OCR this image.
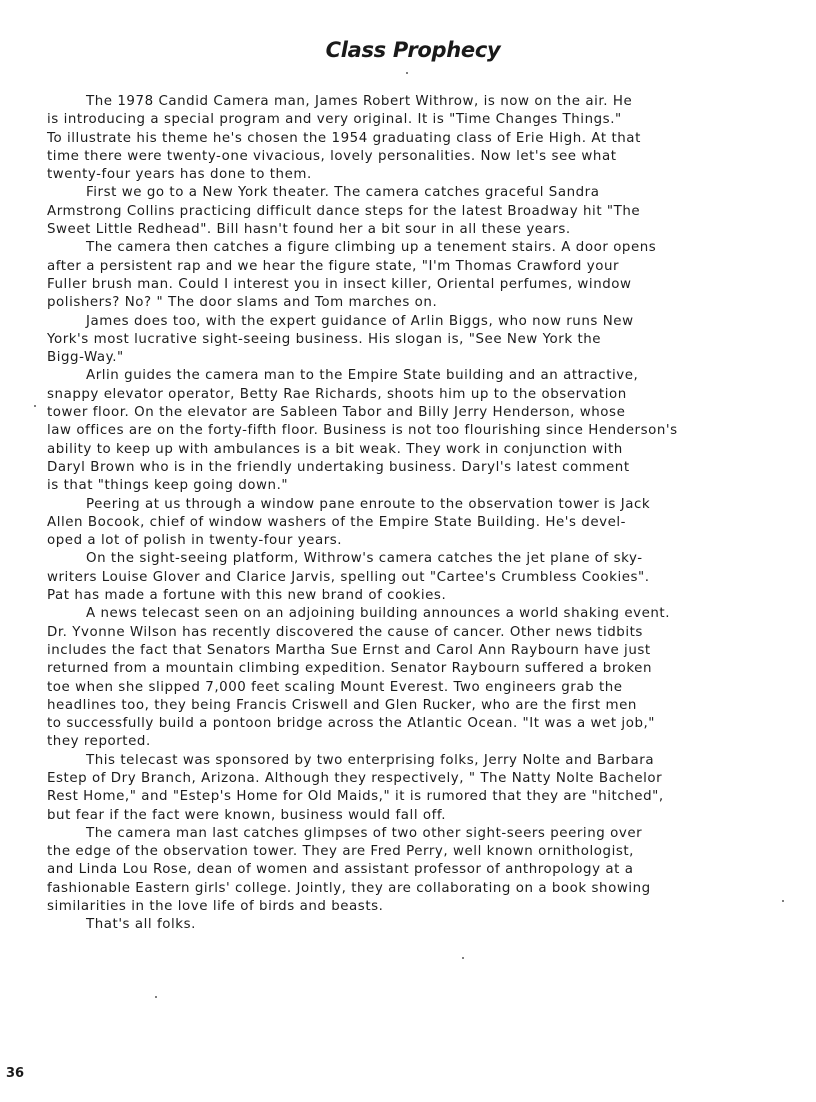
Class Prophecy
The 1978 Candid Camera man, James Robert Withrow, is now on the air. He
is introducing a special program and very original. It is "Time Changes Things."
To illustrate his theme he's chosen the 1954 graduating class of Erie High. At that
time there were twenty-one vivacious, lovely personalities. Now let's see what
twenty-four years has done to them.
First we go to a New York theater. The camera catches graceful Sandra
Armstrong Collins practicing difficult dance steps for the latest Broadway hit "The
Sweet Little Redhead". Bill hasn't found her a bit sour in all these years.
The camera then catches a figure climbing up a tenement stairs. A door opens
after a persistent rap and we hear the figure state, "I'm Thomas Crawford your
Fuller brush man. Could I interest you in insect killer, Oriental perfumes, window
polishers? No? " The door slams and Tom marches on.
James does too, with the expert guidance of Arlin Biggs, who now runs New
York's most lucrative sight-seeing business. His slogan is, "See New York the
Bigg-Way."
Arlin guides the camera man to the Empire State building and an attractive,
snappy elevator operator, Betty Rae Richards, shoots him up to the observation
tower floor. On the elevator are Sableen Tabor and Billy Jerry Henderson, whose
law offices are on the forty-fifth floor. Business is not too flourishing since Henderson's
ability to keep up with ambulances is a bit weak. They work in conjunction with
Daryl Brown who is in the friendly undertaking business. Daryl's latest comment
is that "things keep going down."
Peering at us through a window pane enroute to the observation tower is Jack
Allen Bocook, chief of window washers of the Empire State Building. He's devel-
oped a lot of polish in twenty-four years.
On the sight-seeing platform, Withrow's camera catches the jet plane of sky-
writers Louise Glover and Clarice Jarvis, spelling out "Cartee's Crumbless Cookies".
Pat has made a fortune with this new brand of cookies.
A news telecast seen on an adjoining building announces a world shaking event.
Dr. Yvonne Wilson has recently discovered the cause of cancer. Other news tidbits
includes the fact that Senators Martha Sue Ernst and Carol Ann Raybourn have just
returned from a mountain climbing expedition. Senator Raybourn suffered a broken
toe when she slipped 7,000 feet scaling Mount Everest. Two engineers grab the
headlines too, they being Francis Criswell and Glen Rucker, who are the first men
to successfully build a pontoon bridge across the Atlantic Ocean. "It was a wet job,"
they reported.
This telecast was sponsored by two enterprising folks, Jerry Nolte and Barbara
Estep of Dry Branch, Arizona. Although they respectively, " The Natty Nolte Bachelor
Rest Home," and "Estep's Home for Old Maids," it is rumored that they are "hitched",
but fear if the fact were known, business would fall off.
The camera man last catches glimpses of two other sight-seers peering over
the edge of the observation tower. They are Fred Perry, well known ornithologist,
and Linda Lou Rose, dean of women and assistant professor of anthropology at a
fashionable Eastern girls' college. Jointly, they are collaborating on a book showing
similarities in the love life of birds and beasts.
That's all folks.
36
